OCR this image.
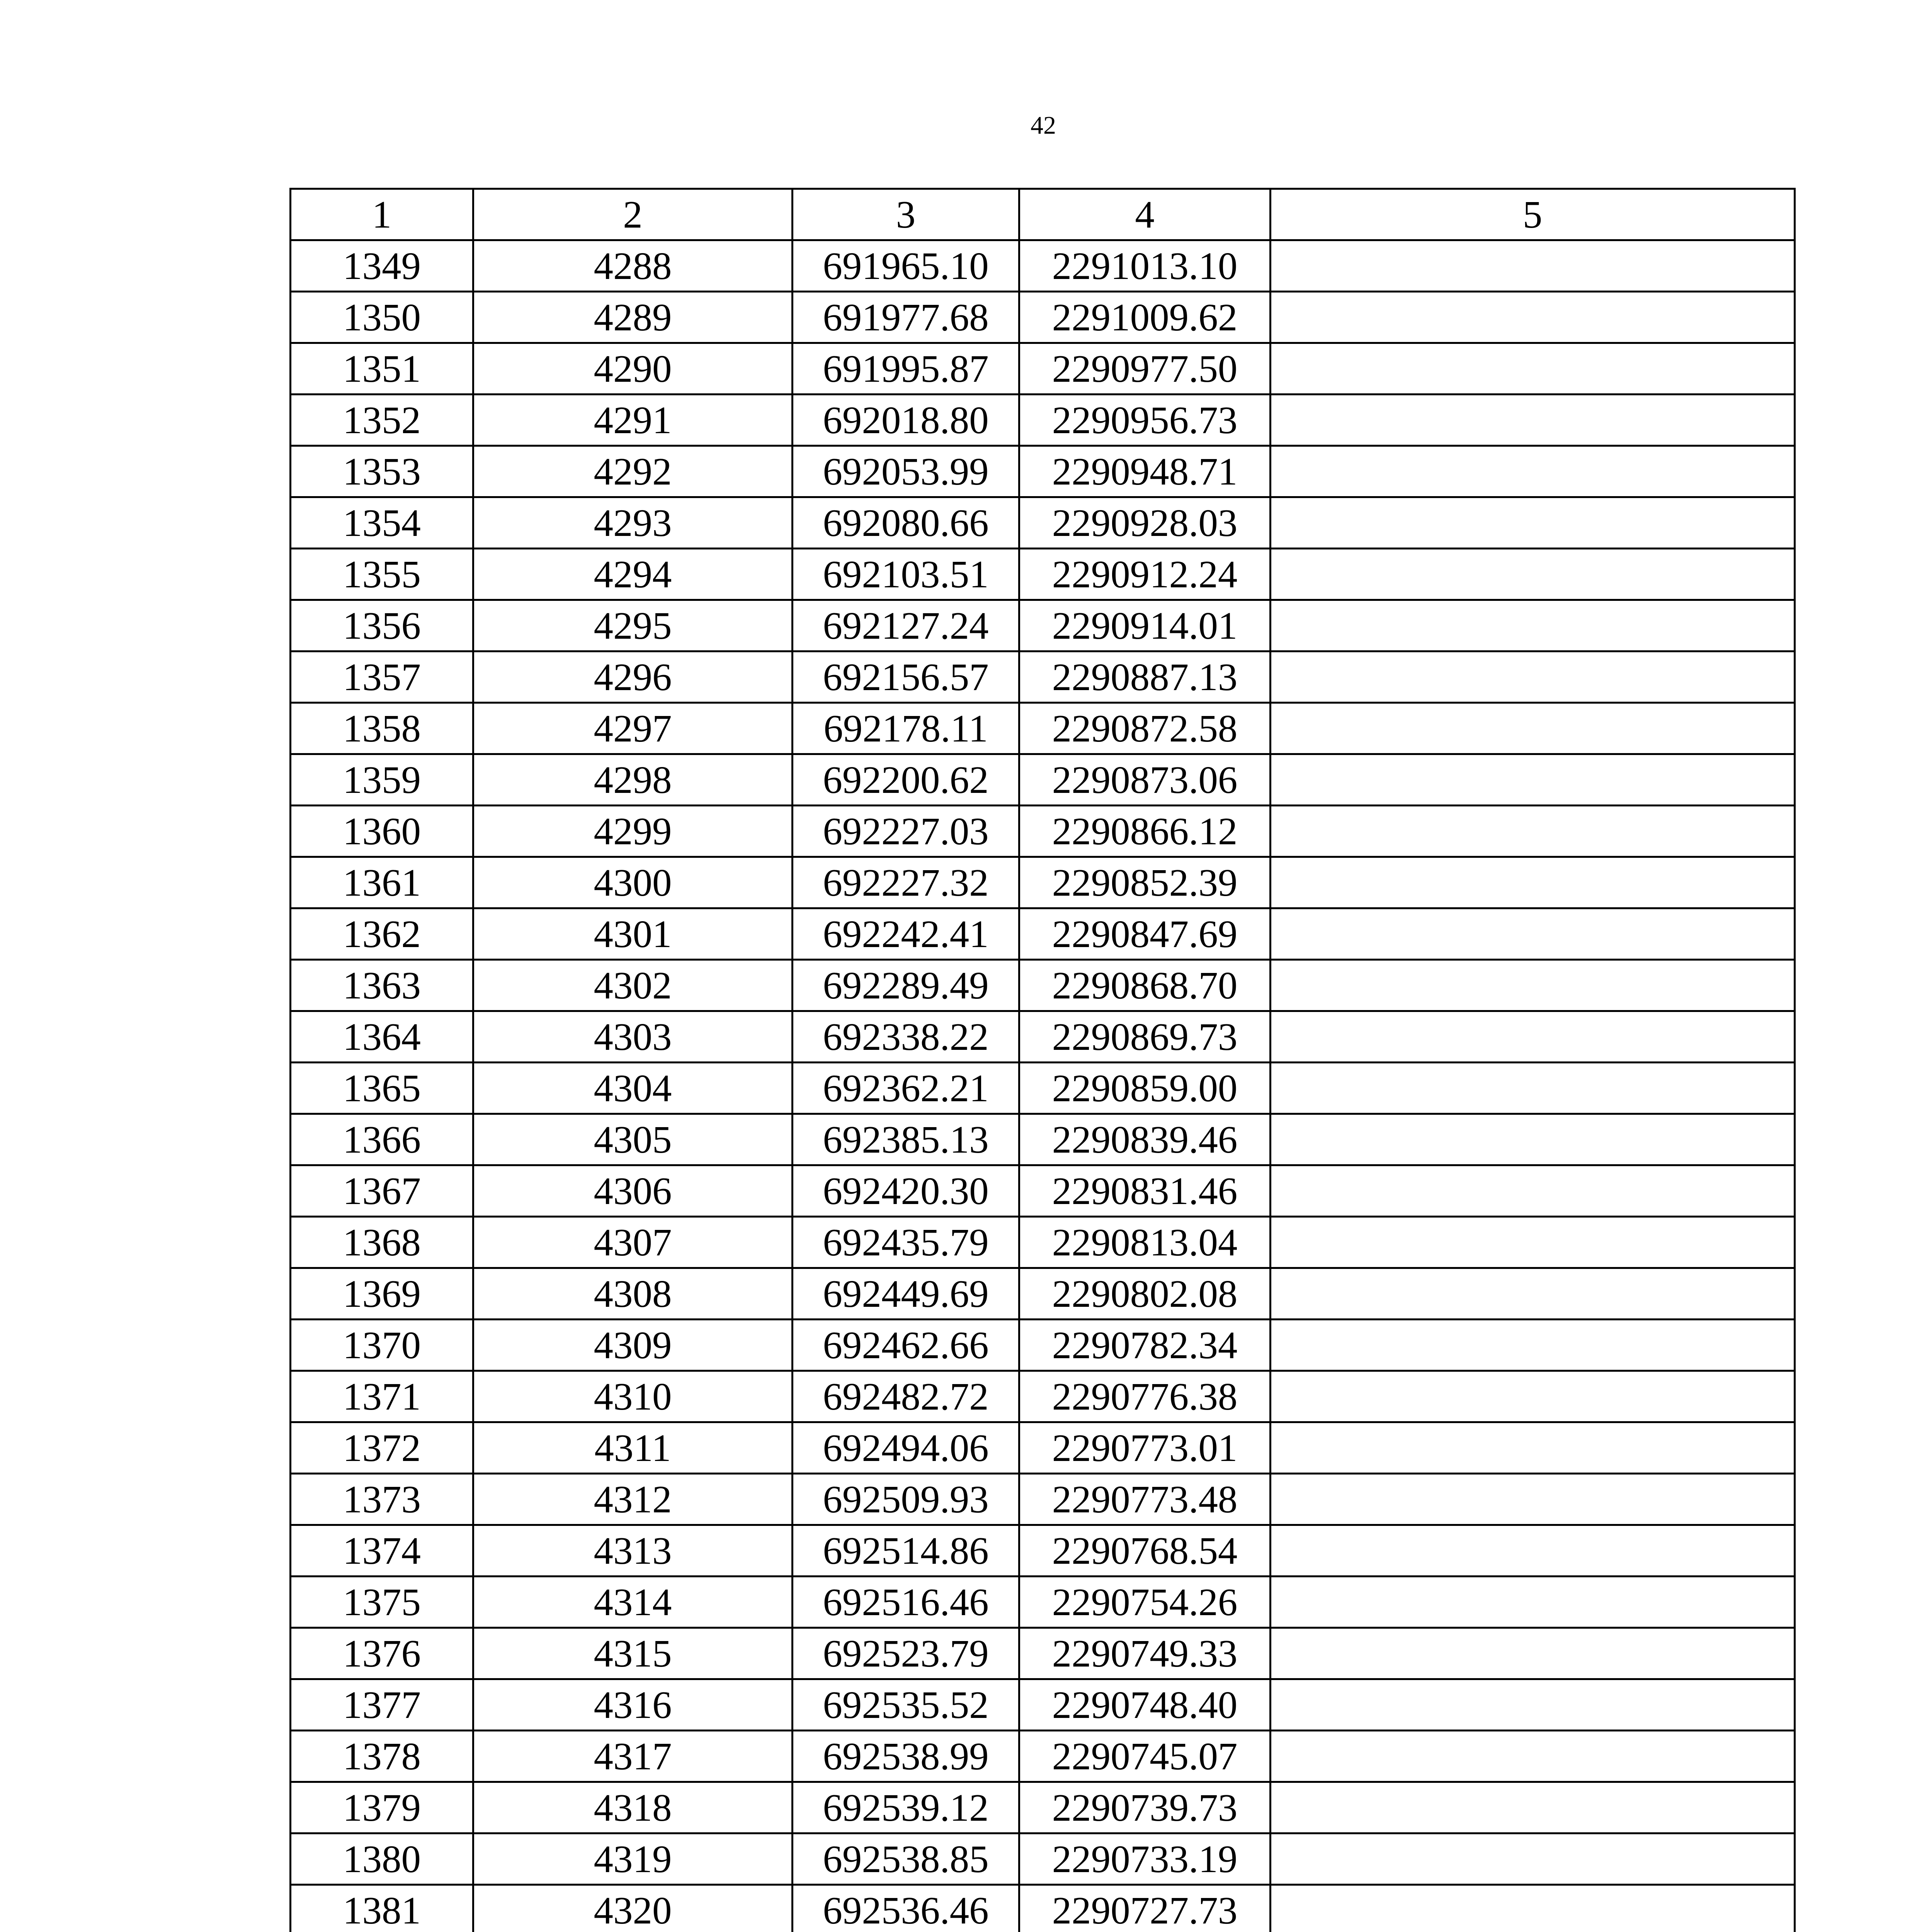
42
1	2	3	4	5
1349	4288	691965.10	2291013.10	
1350	4289	691977.68	2291009.62	
1351	4290	691995.87	2290977.50	
1352	4291	692018.80	2290956.73	
1353	4292	692053.99	2290948.71	
1354	4293	692080.66	2290928.03	
1355	4294	692103.51	2290912.24	
1356	4295	692127.24	2290914.01	
1357	4296	692156.57	2290887.13	
1358	4297	692178.11	2290872.58	
1359	4298	692200.62	2290873.06	
1360	4299	692227.03	2290866.12	
1361	4300	692227.32	2290852.39	
1362	4301	692242.41	2290847.69	
1363	4302	692289.49	2290868.70	
1364	4303	692338.22	2290869.73	
1365	4304	692362.21	2290859.00	
1366	4305	692385.13	2290839.46	
1367	4306	692420.30	2290831.46	
1368	4307	692435.79	2290813.04	
1369	4308	692449.69	2290802.08	
1370	4309	692462.66	2290782.34	
1371	4310	692482.72	2290776.38	
1372	4311	692494.06	2290773.01	
1373	4312	692509.93	2290773.48	
1374	4313	692514.86	2290768.54	
1375	4314	692516.46	2290754.26	
1376	4315	692523.79	2290749.33	
1377	4316	692535.52	2290748.40	
1378	4317	692538.99	2290745.07	
1379	4318	692539.12	2290739.73	
1380	4319	692538.85	2290733.19	
1381	4320	692536.46	2290727.73	
